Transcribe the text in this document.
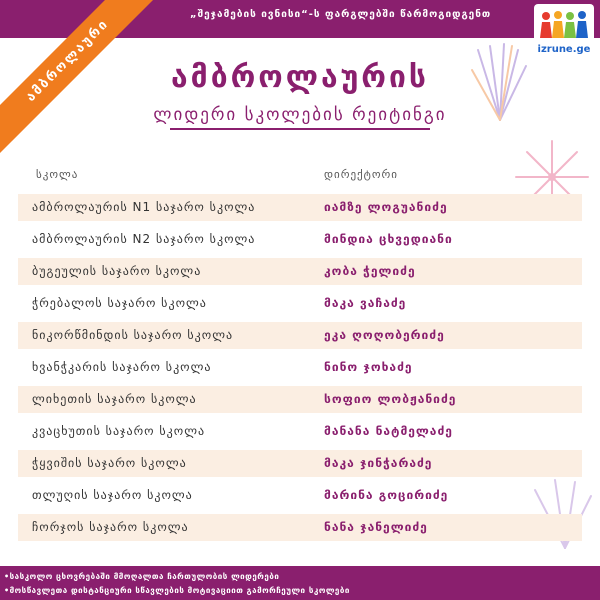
„შეჯამების ივნისი“-ს ფარგლებში წარმოგიდგენთ
izrune.ge
ამბროლაური	ამბროლაურის
ლიდერი სკოლების რეიტინგი
სკოლა	დირექტორი
ამბროლაურის N1 საჯარო სკოლა	იამზე ლოგუანიძე
ამბროლაურის N2 საჯარო სკოლა	მინდია ცხვედიანი
ბუგეულის საჯარო სკოლა	კობა ჭელიძე
ჭრებალოს საჯარო სკოლა	მაკა ვაჩაძე
ნიკორწმინდის საჯარო სკოლა	ეკა ღოღობერიძე
ხვანჭკარის საჯარო სკოლა	ნინო ჯოხაძე
ლიხეთის საჯარო სკოლა	სოფიო ლობჟანიძე
კვაცხუთის საჯარო სკოლა	მანანა ნატმელაძე
ჭყვიშის საჯარო სკოლა	მაკა ჯინჭარაძე
თლუღის საჯარო სკოლა	მარინა გოცირიძე
ჩორჯოს საჯარო სკოლა	ნანა ჯანელიძე
•სასკოლო ცხოვრებაში მმოღალთა ჩართულობის ლიდერები
•მოსწავლეთა დისტანციური სწავლების მოტივაციით გამორჩეული სკოლები
